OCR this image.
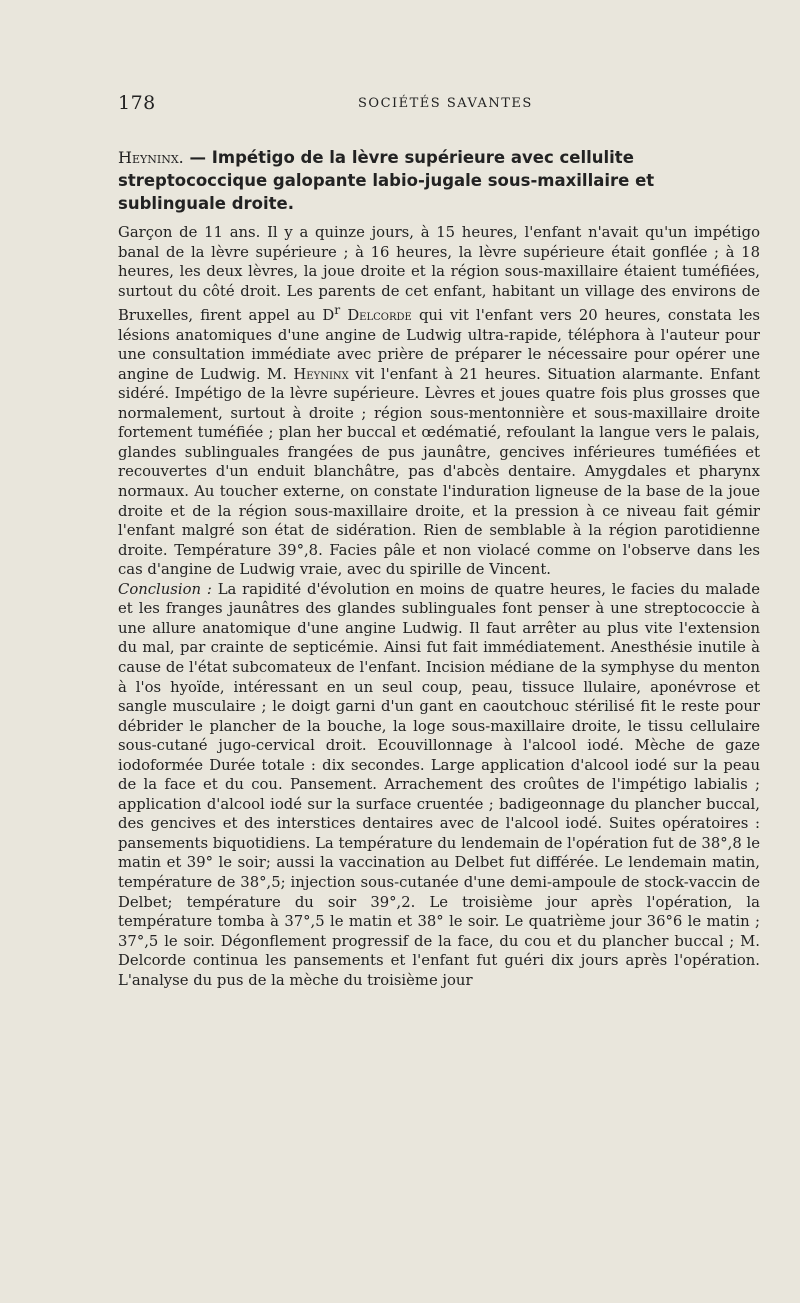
178	SOCIÉTÉS SAVANTES

Heyninx. — Impétigo de la lèvre supérieure avec cellulite streptococcique galopante labio-jugale sous-maxillaire et sublinguale droite.

Garçon de 11 ans. Il y a quinze jours, à 15 heures, l'enfant n'avait qu'un impétigo banal de la lèvre supérieure ; à 16 heures, la lèvre supérieure était gonflée ; à 18 heures, les deux lèvres, la joue droite et la région sous-maxillaire étaient tuméfiées, surtout du côté droit. Les parents de cet enfant, habitant un village des environs de Bruxelles, firent appel au $D^r$ Delcorde qui vit l'enfant vers 20 heures, constata les lésions anatomiques d'une angine de Ludwig ultra-rapide, téléphora à l'auteur pour une consultation immédiate avec prière de préparer le nécessaire pour opérer une angine de Ludwig. M. Heyninx vit l'enfant à 21 heures. Situation alarmante. Enfant sidéré. Impétigo de la lèvre supérieure. Lèvres et joues quatre fois plus grosses que normalement, surtout à droite ; région sous-mentonnière et sous-maxillaire droite fortement tuméfiée ; plan her buccal et œdématié, refoulant la langue vers le palais, glandes sublinguales frangées de pus jaunâtre, gencives inférieures tuméfiées et recouvertes d'un enduit blanchâtre, pas d'abcès dentaire. Amygdales et pharynx normaux. Au toucher externe, on constate l'induration ligneuse de la base de la joue droite et de la région sous-maxillaire droite, et la pression à ce niveau fait gémir l'enfant malgré son état de sidération. Rien de semblable à la région parotidienne droite. Température 39°,8. Facies pâle et non violacé comme on l'observe dans les cas d'angine de Ludwig vraie, avec du spirille de Vincent.
Conclusion : La rapidité d'évolution en moins de quatre heures, le facies du malade et les franges jaunâtres des glandes sublinguales font penser à une streptococcie à une allure anatomique d'une angine Ludwig. Il faut arrêter au plus vite l'extension du mal, par crainte de septicémie. Ainsi fut fait immédiatement. Anesthésie inutile à cause de l'état subcomateux de l'enfant. Incision médiane de la symphyse du menton à l'os hyoïde, intéressant en un seul coup, peau, tissuce llulaire, aponévrose et sangle musculaire ; le doigt garni d'un gant en caoutchouc stérilisé fit le reste pour débrider le plancher de la bouche, la loge sous-maxillaire droite, le tissu cellulaire sous-cutané jugo-cervical droit. Ecouvillonnage à l'alcool iodé. Mèche de gaze iodoformée Durée totale : dix secondes. Large application d'alcool iodé sur la peau de la face et du cou. Pansement. Arrachement des croûtes de l'impétigo labialis ; application d'alcool iodé sur la surface cruentée ; badigeonnage du plancher buccal, des gencives et des interstices dentaires avec de l'alcool iodé. Suites opératoires : pansements biquotidiens. La température du lendemain de l'opération fut de 38°,8 le matin et 39° le soir; aussi la vaccination au Delbet fut différée. Le lendemain matin, température de 38°,5; injection sous-cutanée d'une demi-ampoule de stock-vaccin de Delbet; température du soir 39°,2. Le troisième jour après l'opération, la température tomba à 37°,5 le matin et 38° le soir. Le quatrième jour 36°6 le matin ; 37°,5 le soir. Dégonflement progressif de la face, du cou et du plancher buccal ; M. Delcorde continua les pansements et l'enfant fut guéri dix jours après l'opération. L'analyse du pus de la mèche du troisième jour
